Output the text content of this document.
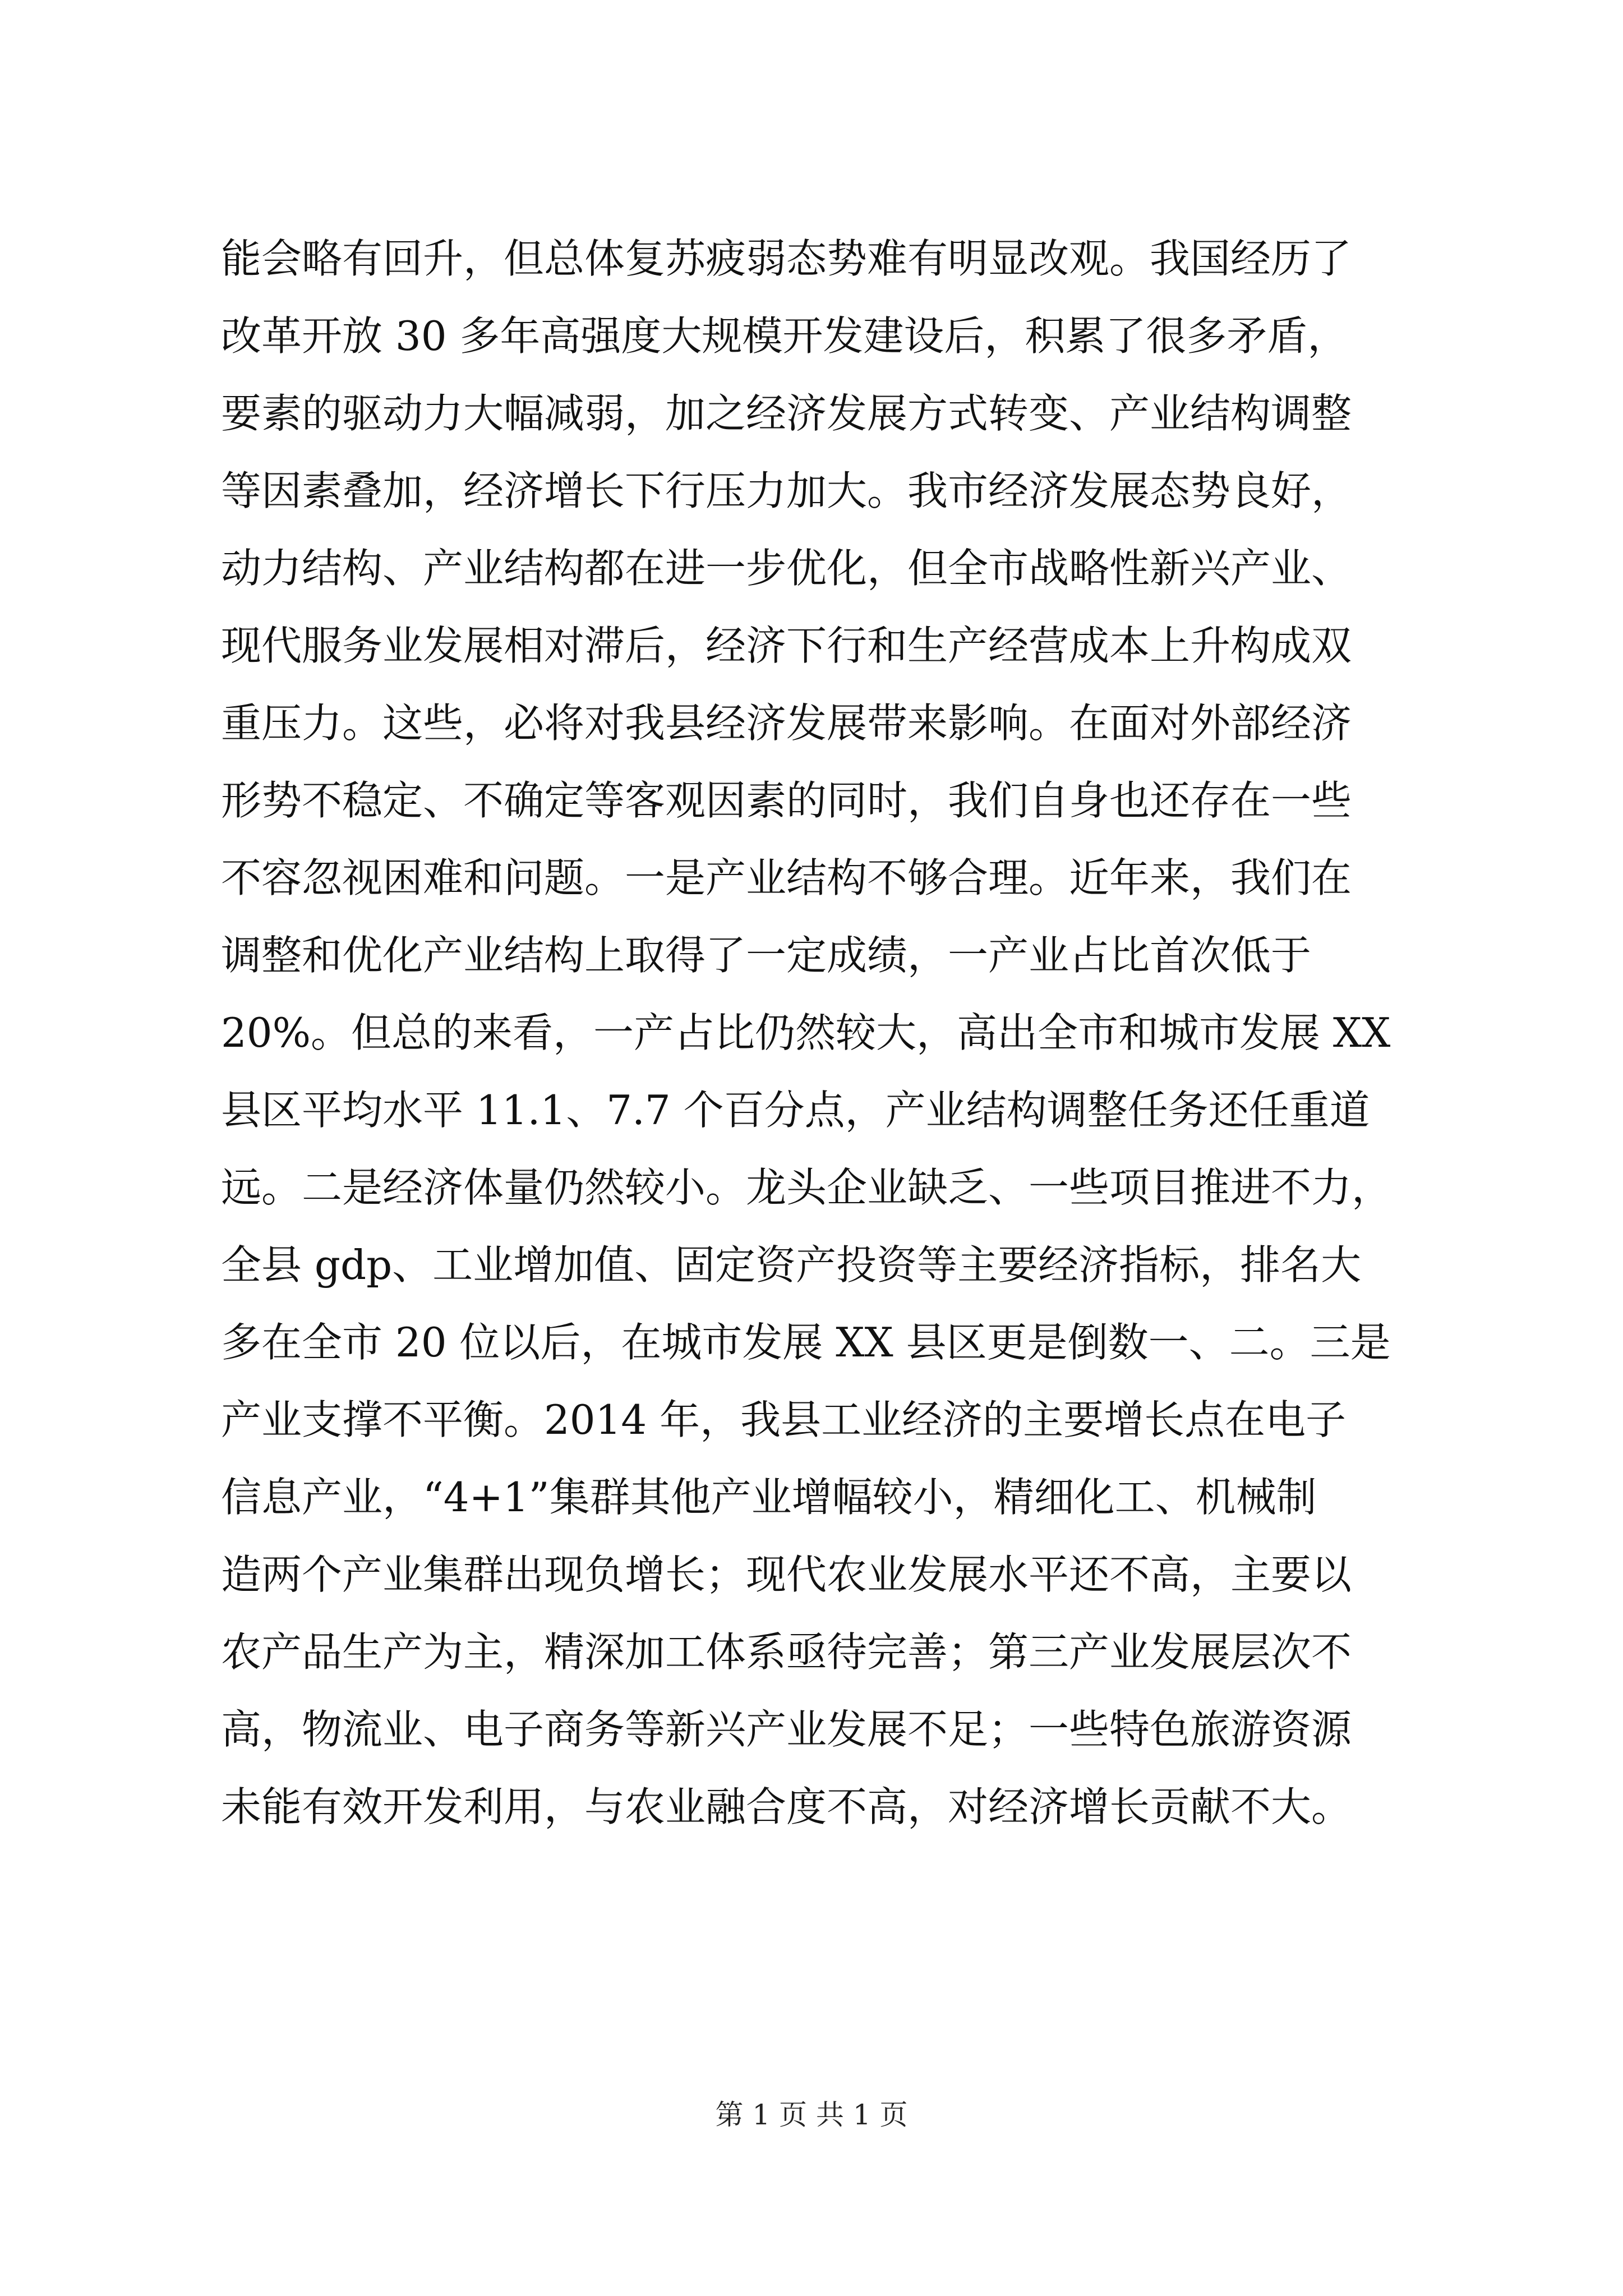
能会略有回升，但总体复苏疲弱态势难有明显改观。我国经历了
改革开放 30 多年高强度大规模开发建设后，积累了很多矛盾，
要素的驱动力大幅减弱，加之经济发展方式转变、产业结构调整
等因素叠加，经济增长下行压力加大。我市经济发展态势良好，
动力结构、产业结构都在进一步优化，但全市战略性新兴产业、
现代服务业发展相对滞后，经济下行和生产经营成本上升构成双
重压力。这些，必将对我县经济发展带来影响。在面对外部经济
形势不稳定、不确定等客观因素的同时，我们自身也还存在一些
不容忽视困难和问题。一是产业结构不够合理。近年来，我们在
调整和优化产业结构上取得了一定成绩，一产业占比首次低于
20%。但总的来看，一产占比仍然较大，高出全市和城市发展 XX
县区平均水平 11.1、7.7 个百分点，产业结构调整任务还任重道
远。二是经济体量仍然较小。龙头企业缺乏、一些项目推进不力，
全县 gdp、工业增加值、固定资产投资等主要经济指标，排名大
多在全市 20 位以后，在城市发展 XX 县区更是倒数一、二。三是
产业支撑不平衡。2014 年，我县工业经济的主要增长点在电子
信息产业，“4+1”集群其他产业增幅较小，精细化工、机械制
造两个产业集群出现负增长；现代农业发展水平还不高，主要以
农产品生产为主，精深加工体系亟待完善；第三产业发展层次不
高，物流业、电子商务等新兴产业发展不足；一些特色旅游资源
未能有效开发利用，与农业融合度不高，对经济增长贡献不大。
第 1 页 共 1 页
